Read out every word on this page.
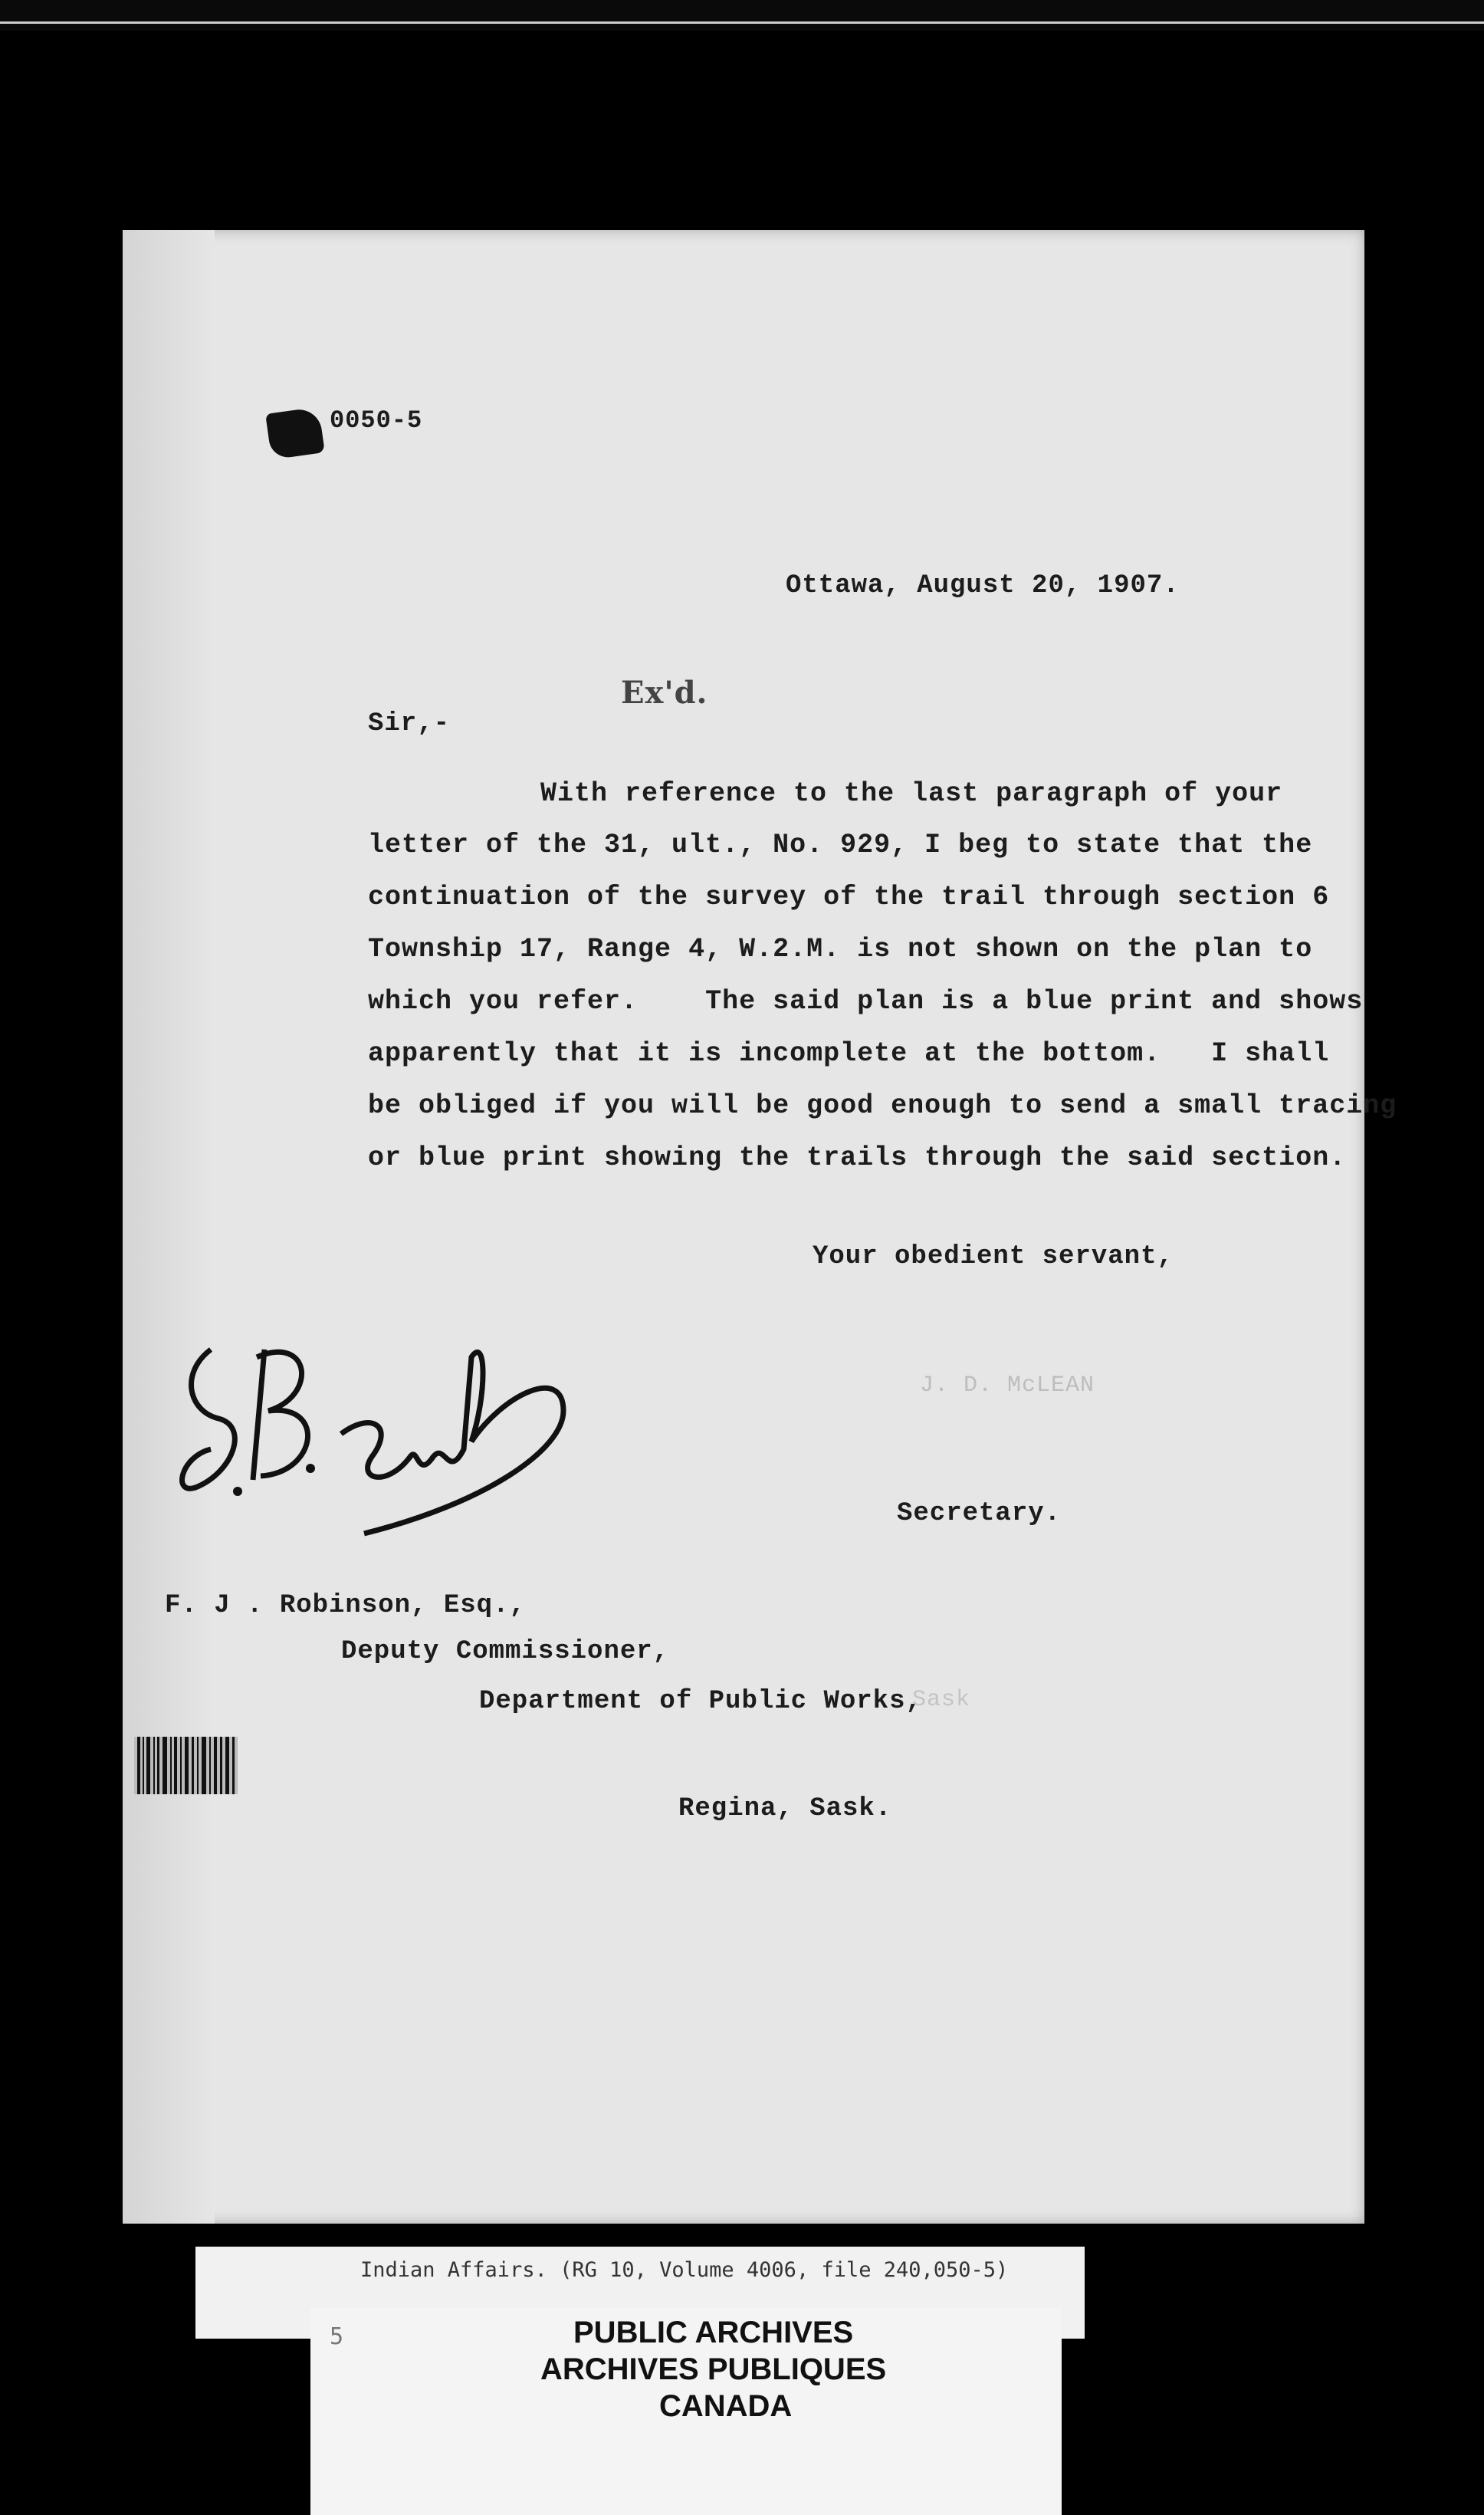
0050-5
Ottawa, August 20, 1907.
Ex'd.
Sir,-
With reference to the last paragraph of your
letter of the 31, ult., No. 929, I beg to state that the
continuation of the survey of the trail through section 6
Township 17, Range 4, W.2.M. is not shown on the plan to
which you refer.    The said plan is a blue print and shows
apparently that it is incomplete at the bottom.   I shall
be obliged if you will be good enough to send a small tracing
or blue print showing the trails through the said section.
Your obedient servant,
J. D. McLEAN
Secretary.
F. J . Robinson, Esq.,
Deputy Commissioner,
Department of Public Works,
Sask
Regina, Sask.
Indian Affairs. (RG 10, Volume 4006, file 240,050-5)
5	PUBLIC ARCHIVES
ARCHIVES PUBLIQUES
CANADA
